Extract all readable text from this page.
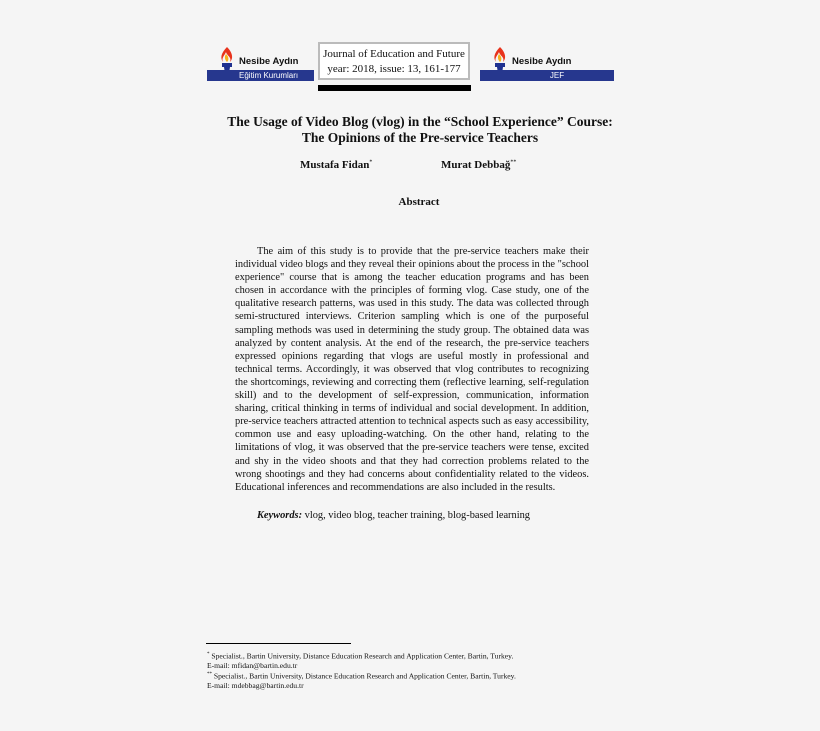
Nesibe Aydın
Eğitim Kurumları
Journal of Education and Future
year: 2018, issue: 13, 161-177
Nesibe Aydın
JEF
The Usage of Video Blog (vlog) in the “School Experience” Course:
The Opinions of the Pre-service Teachers
Mustafa Fidan*	Murat Debbağ**
Abstract

The aim of this study is to provide that the pre-service teachers make their individual video blogs and they reveal their opinions about the process in the "school experience" course that is among the teacher education programs and has been chosen in accordance with the principles of forming vlog. Case study, one of the qualitative research patterns, was used in this study. The data was collected through semi-structured interviews. Criterion sampling which is one of the purposeful sampling methods was used in determining the study group. The obtained data was analyzed by content analysis. At the end of the research, the pre-service teachers expressed opinions regarding that vlogs are useful mostly in professional and technical terms. Accordingly, it was observed that vlog contributes to recognizing the shortcomings, reviewing and correcting them (reflective learning, self-regulation skill) and to the development of self-expression, communication, information sharing, critical thinking in terms of individual and social development. In addition, pre-service teachers attracted attention to technical aspects such as easy accessibility, common use and easy uploading-watching. On the other hand, relating to the limitations of vlog, it was observed that the pre-service teachers were tense, excited and shy in the video shoots and that they had correction problems related to the wrong shootings and they had concerns about confidentiality related to the videos. Educational inferences and recommendations are also included in the results.

Keywords: vlog, video blog, teacher training, blog-based learning
* Specialist., Bartin University, Distance Education Research and Application Center, Bartin, Turkey.
E-mail: mfidan@bartin.edu.tr
** Specialist., Bartin University, Distance Education Research and Application Center, Bartin, Turkey.
E-mail: mdebbag@bartin.edu.tr
